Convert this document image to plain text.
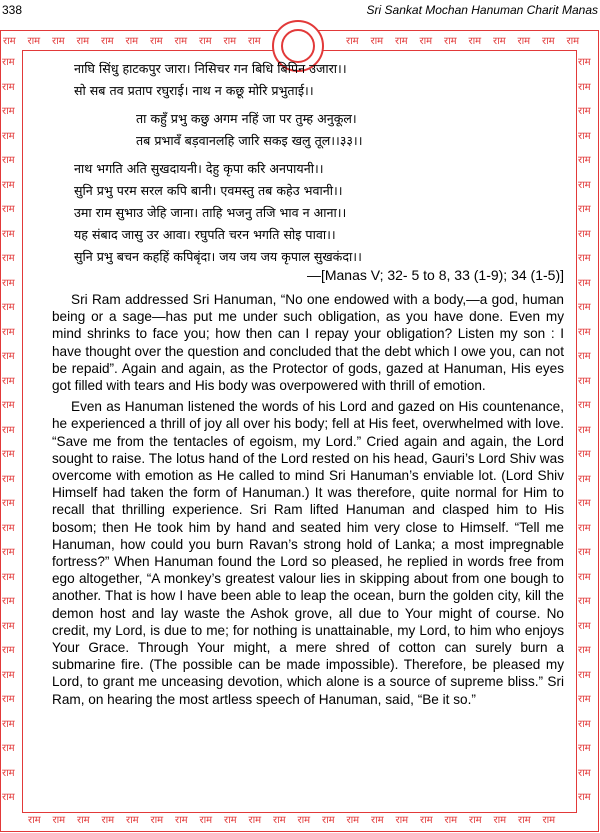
338	Sri Sankat Mochan Hanuman Charit Manas
राम राम राम राम राम राम राम राम राम राम राम	राम राम राम राम राम राम राम राम राम राम
राम	राम
राम	राम
राम	राम
राम	राम
राम	राम
राम	राम
राम	राम
राम	राम
राम	राम
राम	राम
राम	राम
राम	राम
राम	राम
राम	राम
राम	राम
राम	राम
राम	राम
राम	राम
राम	राम
राम	राम
राम	राम
राम	राम
राम	राम
राम	राम
राम	राम
राम	राम
राम	राम
राम	राम
राम	राम
राम	राम
राम	राम
राम राम राम राम राम राम राम राम राम राम राम राम राम राम राम राम राम राम राम राम राम राम
नाघि सिंधु हाटकपुर जारा। निसिचर गन बिधि बिपिन उजारा।।
सो सब तव प्रताप रघुराई। नाथ न कछू मोरि प्रभुताई।।
ता कहुँ प्रभु कछु अगम नहिं जा पर तुम्ह अनुकूल।
तब प्रभावँ बड़वानलहि जारि सकइ खलु तूल।।३३।।
नाथ भगति अति सुखदायनी। देहु कृपा करि अनपायनी।।
सुनि प्रभु परम सरल कपि बानी। एवमस्तु तब कहेउ भवानी।।
उमा राम सुभाउ जेहि जाना। ताहि भजनु तजि भाव न आना।।
यह संबाद जासु उर आवा। रघुपति चरन भगति सोइ पावा।।
सुनि प्रभु बचन कहहिं कपिबृंदा। जय जय जय कृपाल सुखकंदा।।
—[Manas V; 32- 5 to 8, 33 (1-9); 34 (1-5)]

Sri Ram addressed Sri Hanuman, “No one endowed with a body,—a god, human being or a sage—has put me under such obligation, as you have done. Even my mind shrinks to face you; how then can I repay your obligation? Listen my son : I have thought over the question and concluded that the debt which I owe you, can not be repaid”. Again and again, as the Protector of gods, gazed at Hanuman, His eyes got filled with tears and His body was overpowered with thrill of emotion.

Even as Hanuman listened the words of his Lord and gazed on His countenance, he experienced a thrill of joy all over his body; fell at His feet, overwhelmed with love. “Save me from the tentacles of egoism, my Lord.” Cried again and again, the Lord sought to raise. The lotus hand of the Lord rested on his head, Gauri’s Lord Shiv was overcome with emotion as He called to mind Sri Hanuman’s enviable lot. (Lord Shiv Himself had taken the form of Hanuman.) It was therefore, quite normal for Him to recall that thrilling experience. Sri Ram lifted Hanuman and clasped him to His bosom; then He took him by hand and seated him very close to Himself. “Tell me Hanuman, how could you burn Ravan’s strong hold of Lanka; a most impregnable fortress?” When Hanuman found the Lord so pleased, he replied in words free from ego altogether, “A monkey’s greatest valour lies in skipping about from one bough to another. That is how I have been able to leap the ocean, burn the golden city, kill the demon host and lay waste the Ashok grove, all due to Your might of course. No credit, my Lord, is due to me; for nothing is unattainable, my Lord, to him who enjoys Your Grace. Through Your might, a mere shred of cotton can surely burn a submarine fire. (The possible can be made impossible). Therefore, be pleased my Lord, to grant me unceasing devotion, which alone is a source of supreme bliss.” Sri Ram, on hearing the most artless speech of Hanuman, said, “Be it so.”
